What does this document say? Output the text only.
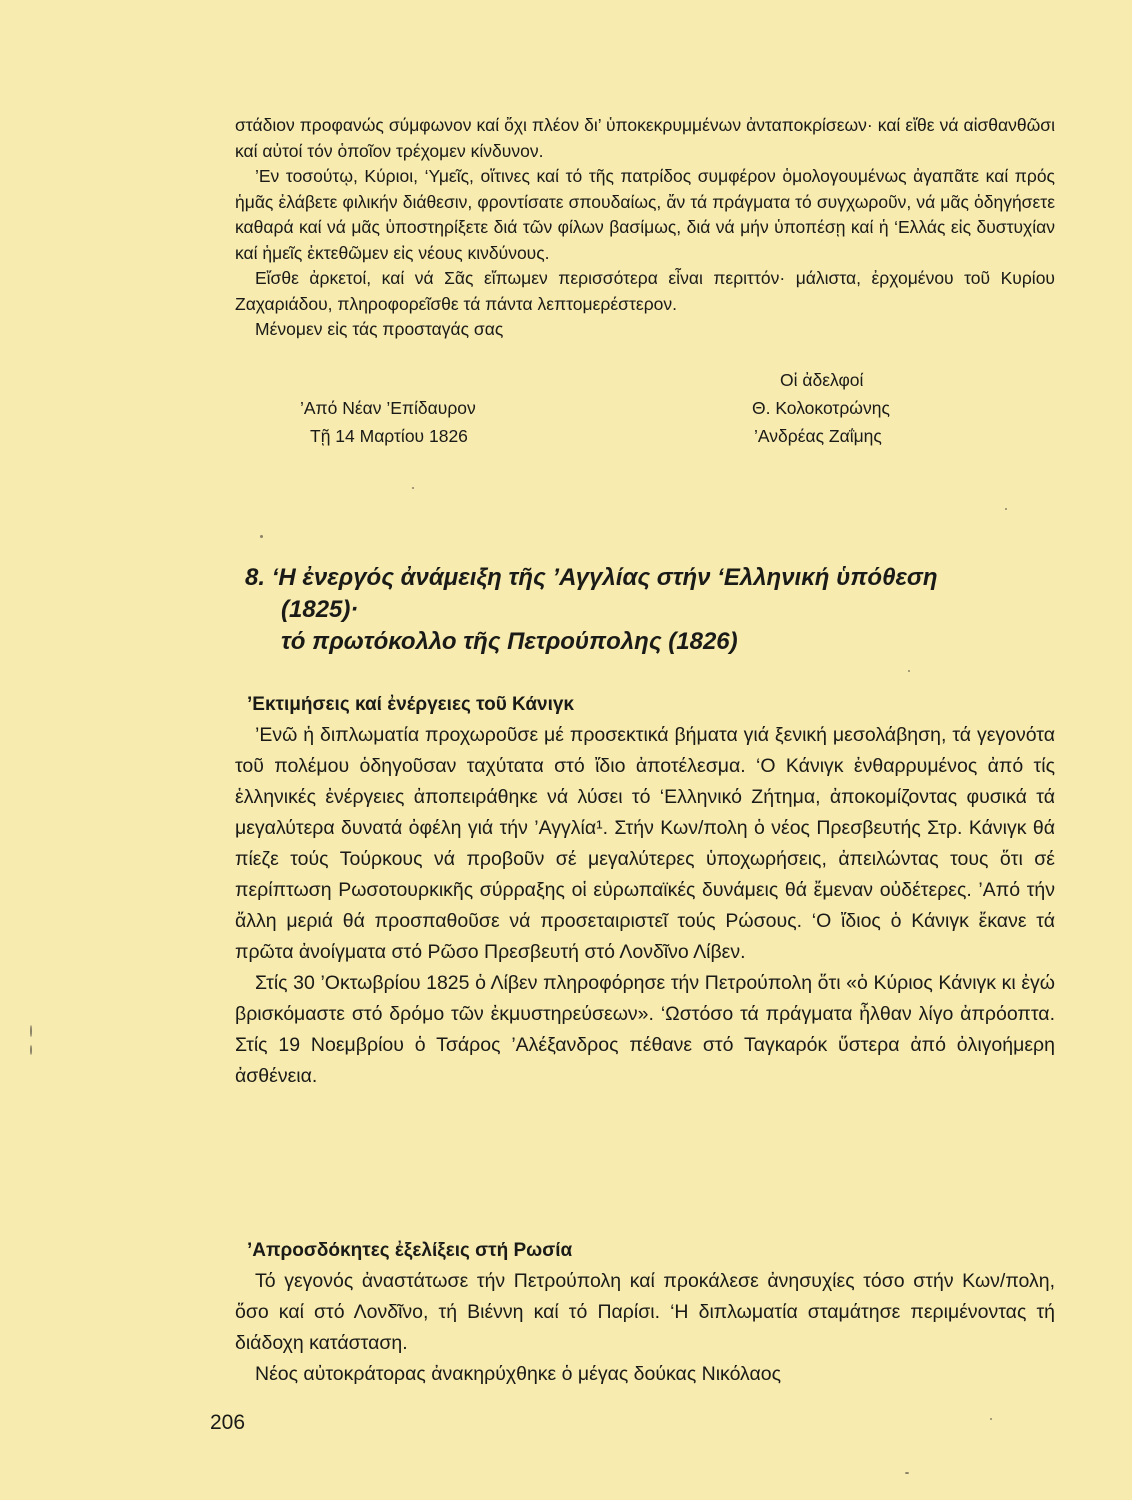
στάδιον προφανώς σύμφωνον καί ὄχι πλέον δι’ ὑποκεκρυμμένων ἀνταποκρίσεων· καί εἴθε νά αἰσθανθῶσι καί αὐτοί τόν ὁποῖον τρέχομεν κίνδυνον.

’Εν τοσούτῳ, Κύριοι, ‘Υμεῖς, οἵτινες καί τό τῆς πατρίδος συμφέρον ὁμολογουμένως ἀγαπᾶτε καί πρός ἡμᾶς ἐλάβετε φιλικήν διάθεσιν, φροντίσατε σπουδαίως, ἄν τά πράγματα τό συγχωροῦν, νά μᾶς ὁδηγήσετε καθαρά καί νά μᾶς ὑποστηρίξετε διά τῶν φίλων βασίμως, διά νά μήν ὑποπέσῃ καί ἡ ‘Ελλάς εἰς δυστυχίαν καί ἡμεῖς ἐκτεθῶμεν εἰς νέους κινδύνους.

Εἴσθε ἀρκετοί, καί νά Σᾶς εἴπωμεν περισσότερα εἶναι περιττόν· μάλιστα, ἐρχομένου τοῦ Κυρίου Ζαχαριάδου, πληροφορεῖσθε τά πάντα λεπτομερέστερον.

Μένομεν εἰς τάς προσταγάς σας

Οἱ ἀδελφοί
’Από Νέαν ’Επίδαυρον	Θ. Κολοκοτρώνης
Τῇ 14 Μαρτίου 1826	’Ανδρέας Ζαΐμης
8. ‘Η ἐνεργός ἀνάμειξη τῆς ’Αγγλίας στήν ‘Ελληνική ὑπόθεση
(1825)·
τό πρωτόκολλο τῆς Πετρούπολης (1826)
’Εκτιμήσεις καί ἐνέργειες τοῦ Κάνιγκ

’Ενῶ ἡ διπλωματία προχωροῦσε μέ προσεκτικά βήματα γιά ξενική μεσολάβηση, τά γεγονότα τοῦ πολέμου ὁδηγοῦσαν ταχύτατα στό ἴδιο ἀποτέλεσμα. ‘Ο Κάνιγκ ἐνθαρρυμένος ἀπό τίς ἑλληνικές ἐνέργειες ἀποπειράθηκε νά λύσει τό ‘Ελληνικό Ζήτημα, ἀποκομίζοντας φυσικά τά μεγαλύτερα δυνατά ὀφέλη γιά τήν ’Αγγλία¹. Στήν Κων/πολη ὁ νέος Πρεσβευτής Στρ. Κάνιγκ θά πίεζε τούς Τούρκους νά προβοῦν σέ μεγαλύτερες ὑποχωρήσεις, ἀπειλώντας τους ὅτι σέ περίπτωση Ρωσοτουρκικῆς σύρραξης οἱ εὐρωπαϊκές δυνάμεις θά ἔμεναν οὐδέτερες. ’Από τήν ἄλλη μεριά θά προσπαθοῦσε νά προσεταιριστεῖ τούς Ρώσους. ‘Ο ἴδιος ὁ Κάνιγκ ἔκανε τά πρῶτα ἀνοίγματα στό Ρῶσο Πρεσβευτή στό Λονδῖνο Λίβεν.

Στίς 30 ’Οκτωβρίου 1825 ὁ Λίβεν πληροφόρησε τήν Πετρούπολη ὅτι «ὁ Κύριος Κάνιγκ κι ἐγώ βρισκόμαστε στό δρόμο τῶν ἐκμυστηρεύσεων». ‘Ωστόσο τά πράγματα ἦλθαν λίγο ἀπρόοπτα. Στίς 19 Νοεμβρίου ὁ Τσάρος ’Αλέξανδρος πέθανε στό Ταγκαρόκ ὕστερα ἀπό ὀλιγοήμερη ἀσθένεια.

’Απροσδόκητες ἐξελίξεις στή Ρωσία

Τό γεγονός ἀναστάτωσε τήν Πετρούπολη καί προκάλεσε ἀνησυχίες τόσο στήν Κων/πολη, ὅσο καί στό Λονδῖνο, τή Βιέννη καί τό Παρίσι. ‘Η διπλωματία σταμάτησε περιμένοντας τή διάδοχη κατάσταση.

Νέος αὐτοκράτορας ἀνακηρύχθηκε ὁ μέγας δούκας Νικόλαος

206
